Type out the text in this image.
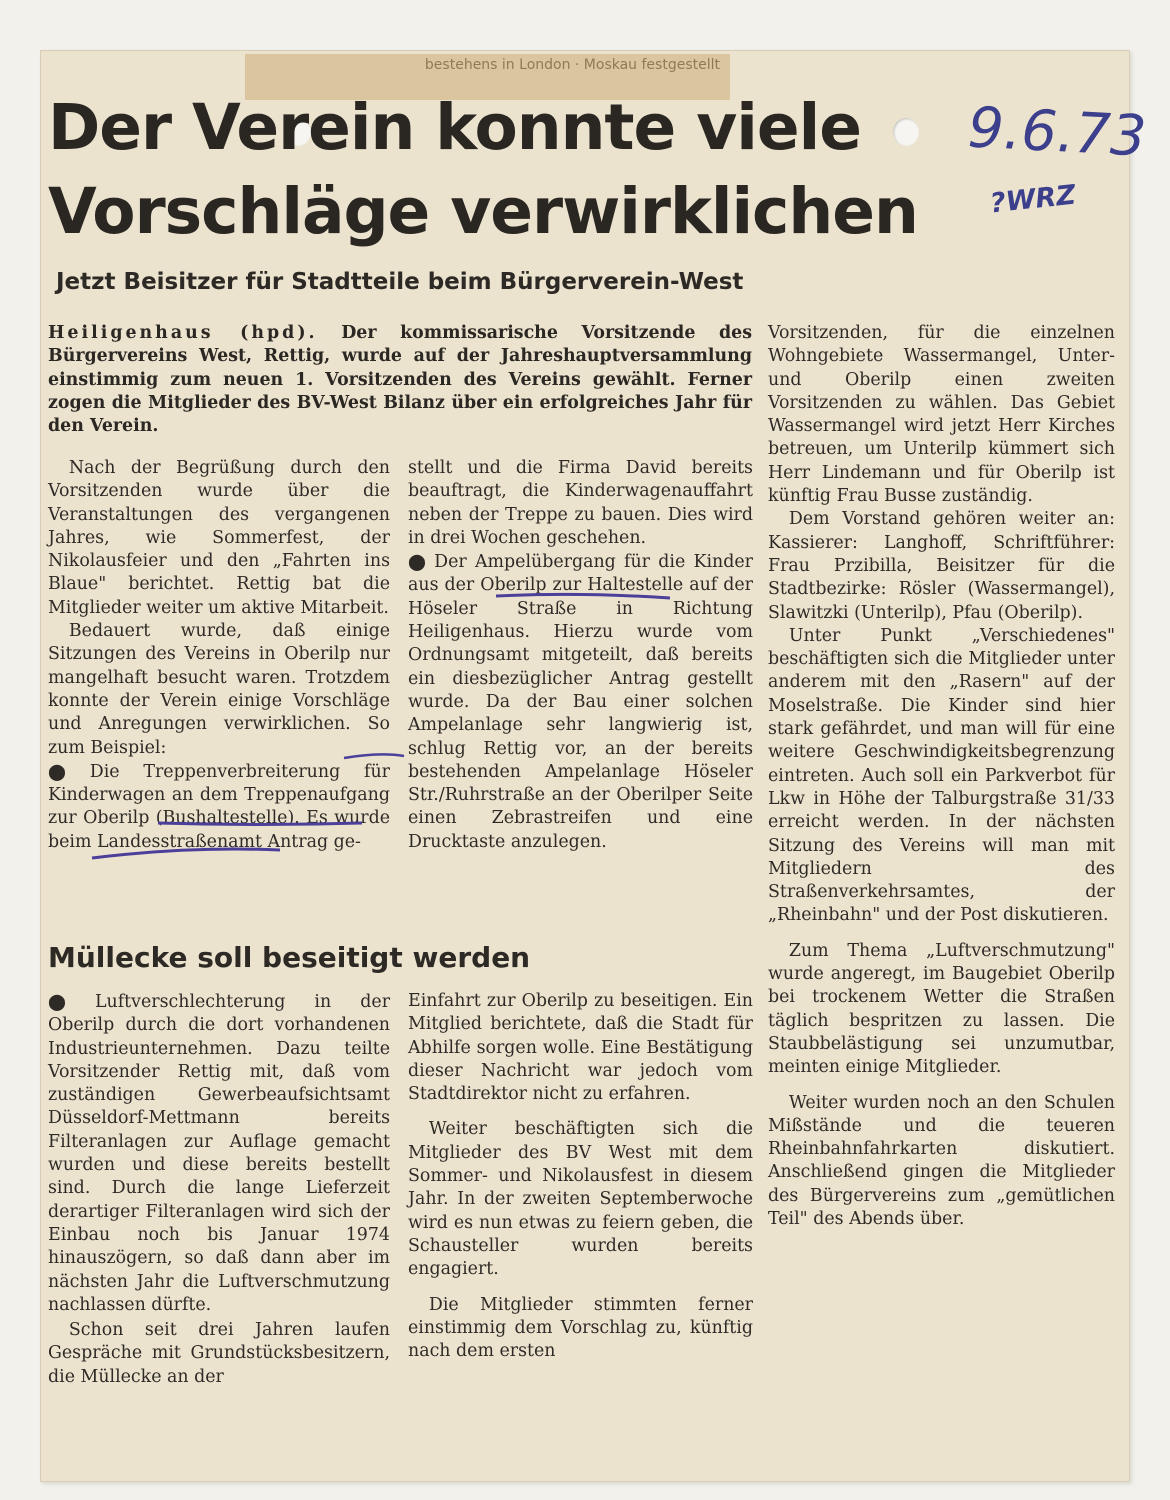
bestehens in London · Moskau festgestellt
Der Verein konnte viele
Vorschläge verwirklichen
9.6.73
?WRZ
Jetzt Beisitzer für Stadtteile beim Bürgerverein-West
Heiligenhaus (hpd). Der kommissarische Vorsitzende des Bürgervereins West, Rettig, wurde auf der Jahreshauptversammlung einstimmig zum neuen 1. Vorsitzenden des Vereins gewählt. Ferner zogen die Mitglieder des BV-West Bilanz über ein erfolgreiches Jahr für den Verein.

Nach der Begrüßung durch den Vorsitzenden wurde über die Veranstaltungen des vergangenen Jahres, wie Sommerfest, der Nikolausfeier und den „Fahrten ins Blaue" berichtet. Rettig bat die Mitglieder weiter um aktive Mitarbeit.

Bedauert wurde, daß einige Sitzungen des Vereins in Oberilp nur mangelhaft besucht waren. Trotzdem konnte der Verein einige Vorschläge und Anregungen verwirklichen. So zum Beispiel:

⬤ Die Treppenverbreiterung für Kinderwagen an dem Treppenaufgang zur Oberilp (Bushaltestelle). Es wurde beim Landesstraßenamt Antrag ge-

stellt und die Firma David bereits beauftragt, die Kinderwagenauffahrt neben der Treppe zu bauen. Dies wird in drei Wochen geschehen.

⬤ Der Ampelübergang für die Kinder aus der Oberilp zur Haltestelle auf der Höseler Straße in Richtung Heiligenhaus. Hierzu wurde vom Ordnungsamt mitgeteilt, daß bereits ein diesbezüglicher Antrag gestellt wurde. Da der Bau einer solchen Ampelanlage sehr langwierig ist, schlug Rettig vor, an der bereits bestehenden Ampelanlage Höseler Str./Ruhrstraße an der Oberilper Seite einen Zebrastreifen und eine Drucktaste anzulegen.

Müllecke soll beseitigt werden

⬤ Luftverschlechterung in der Oberilp durch die dort vorhandenen Industrieunternehmen. Dazu teilte Vorsitzender Rettig mit, daß vom zuständigen Gewerbeaufsichtsamt Düsseldorf-Mettmann bereits Filteranlagen zur Auflage gemacht wurden und diese bereits bestellt sind. Durch die lange Lieferzeit derartiger Filteranlagen wird sich der Einbau noch bis Januar 1974 hinauszögern, so daß dann aber im nächsten Jahr die Luftverschmutzung nachlassen dürfte.

Schon seit drei Jahren laufen Gespräche mit Grundstücksbesitzern, die Müllecke an der

Einfahrt zur Oberilp zu beseitigen. Ein Mitglied berichtete, daß die Stadt für Abhilfe sorgen wolle. Eine Bestätigung dieser Nachricht war jedoch vom Stadtdirektor nicht zu erfahren.

Weiter beschäftigten sich die Mitglieder des BV West mit dem Sommer- und Nikolausfest in diesem Jahr. In der zweiten Septemberwoche wird es nun etwas zu feiern geben, die Schausteller wurden bereits engagiert.

Die Mitglieder stimmten ferner einstimmig dem Vorschlag zu, künftig nach dem ersten

Vorsitzenden, für die einzelnen Wohngebiete Wassermangel, Unter- und Oberilp einen zweiten Vorsitzenden zu wählen. Das Gebiet Wassermangel wird jetzt Herr Kirches betreuen, um Unterilp kümmert sich Herr Lindemann und für Oberilp ist künftig Frau Busse zuständig.

Dem Vorstand gehören weiter an: Kassierer: Langhoff, Schriftführer: Frau Przibilla, Beisitzer für die Stadtbezirke: Rösler (Wassermangel), Slawitzki (Unterilp), Pfau (Oberilp).

Unter Punkt „Verschiedenes" beschäftigten sich die Mitglieder unter anderem mit den „Rasern" auf der Moselstraße. Die Kinder sind hier stark gefährdet, und man will für eine weitere Geschwindigkeitsbegrenzung eintreten. Auch soll ein Parkverbot für Lkw in Höhe der Talburgstraße 31/33 erreicht werden. In der nächsten Sitzung des Vereins will man mit Mitgliedern des Straßenverkehrsamtes, der „Rheinbahn" und der Post diskutieren.

Zum Thema „Luftverschmutzung" wurde angeregt, im Baugebiet Oberilp bei trockenem Wetter die Straßen täglich bespritzen zu lassen. Die Staubbelästigung sei unzumutbar, meinten einige Mitglieder.

Weiter wurden noch an den Schulen Mißstände und die teueren Rheinbahnfahrkarten diskutiert. Anschließend gingen die Mitglieder des Bürgervereins zum „gemütlichen Teil" des Abends über.
